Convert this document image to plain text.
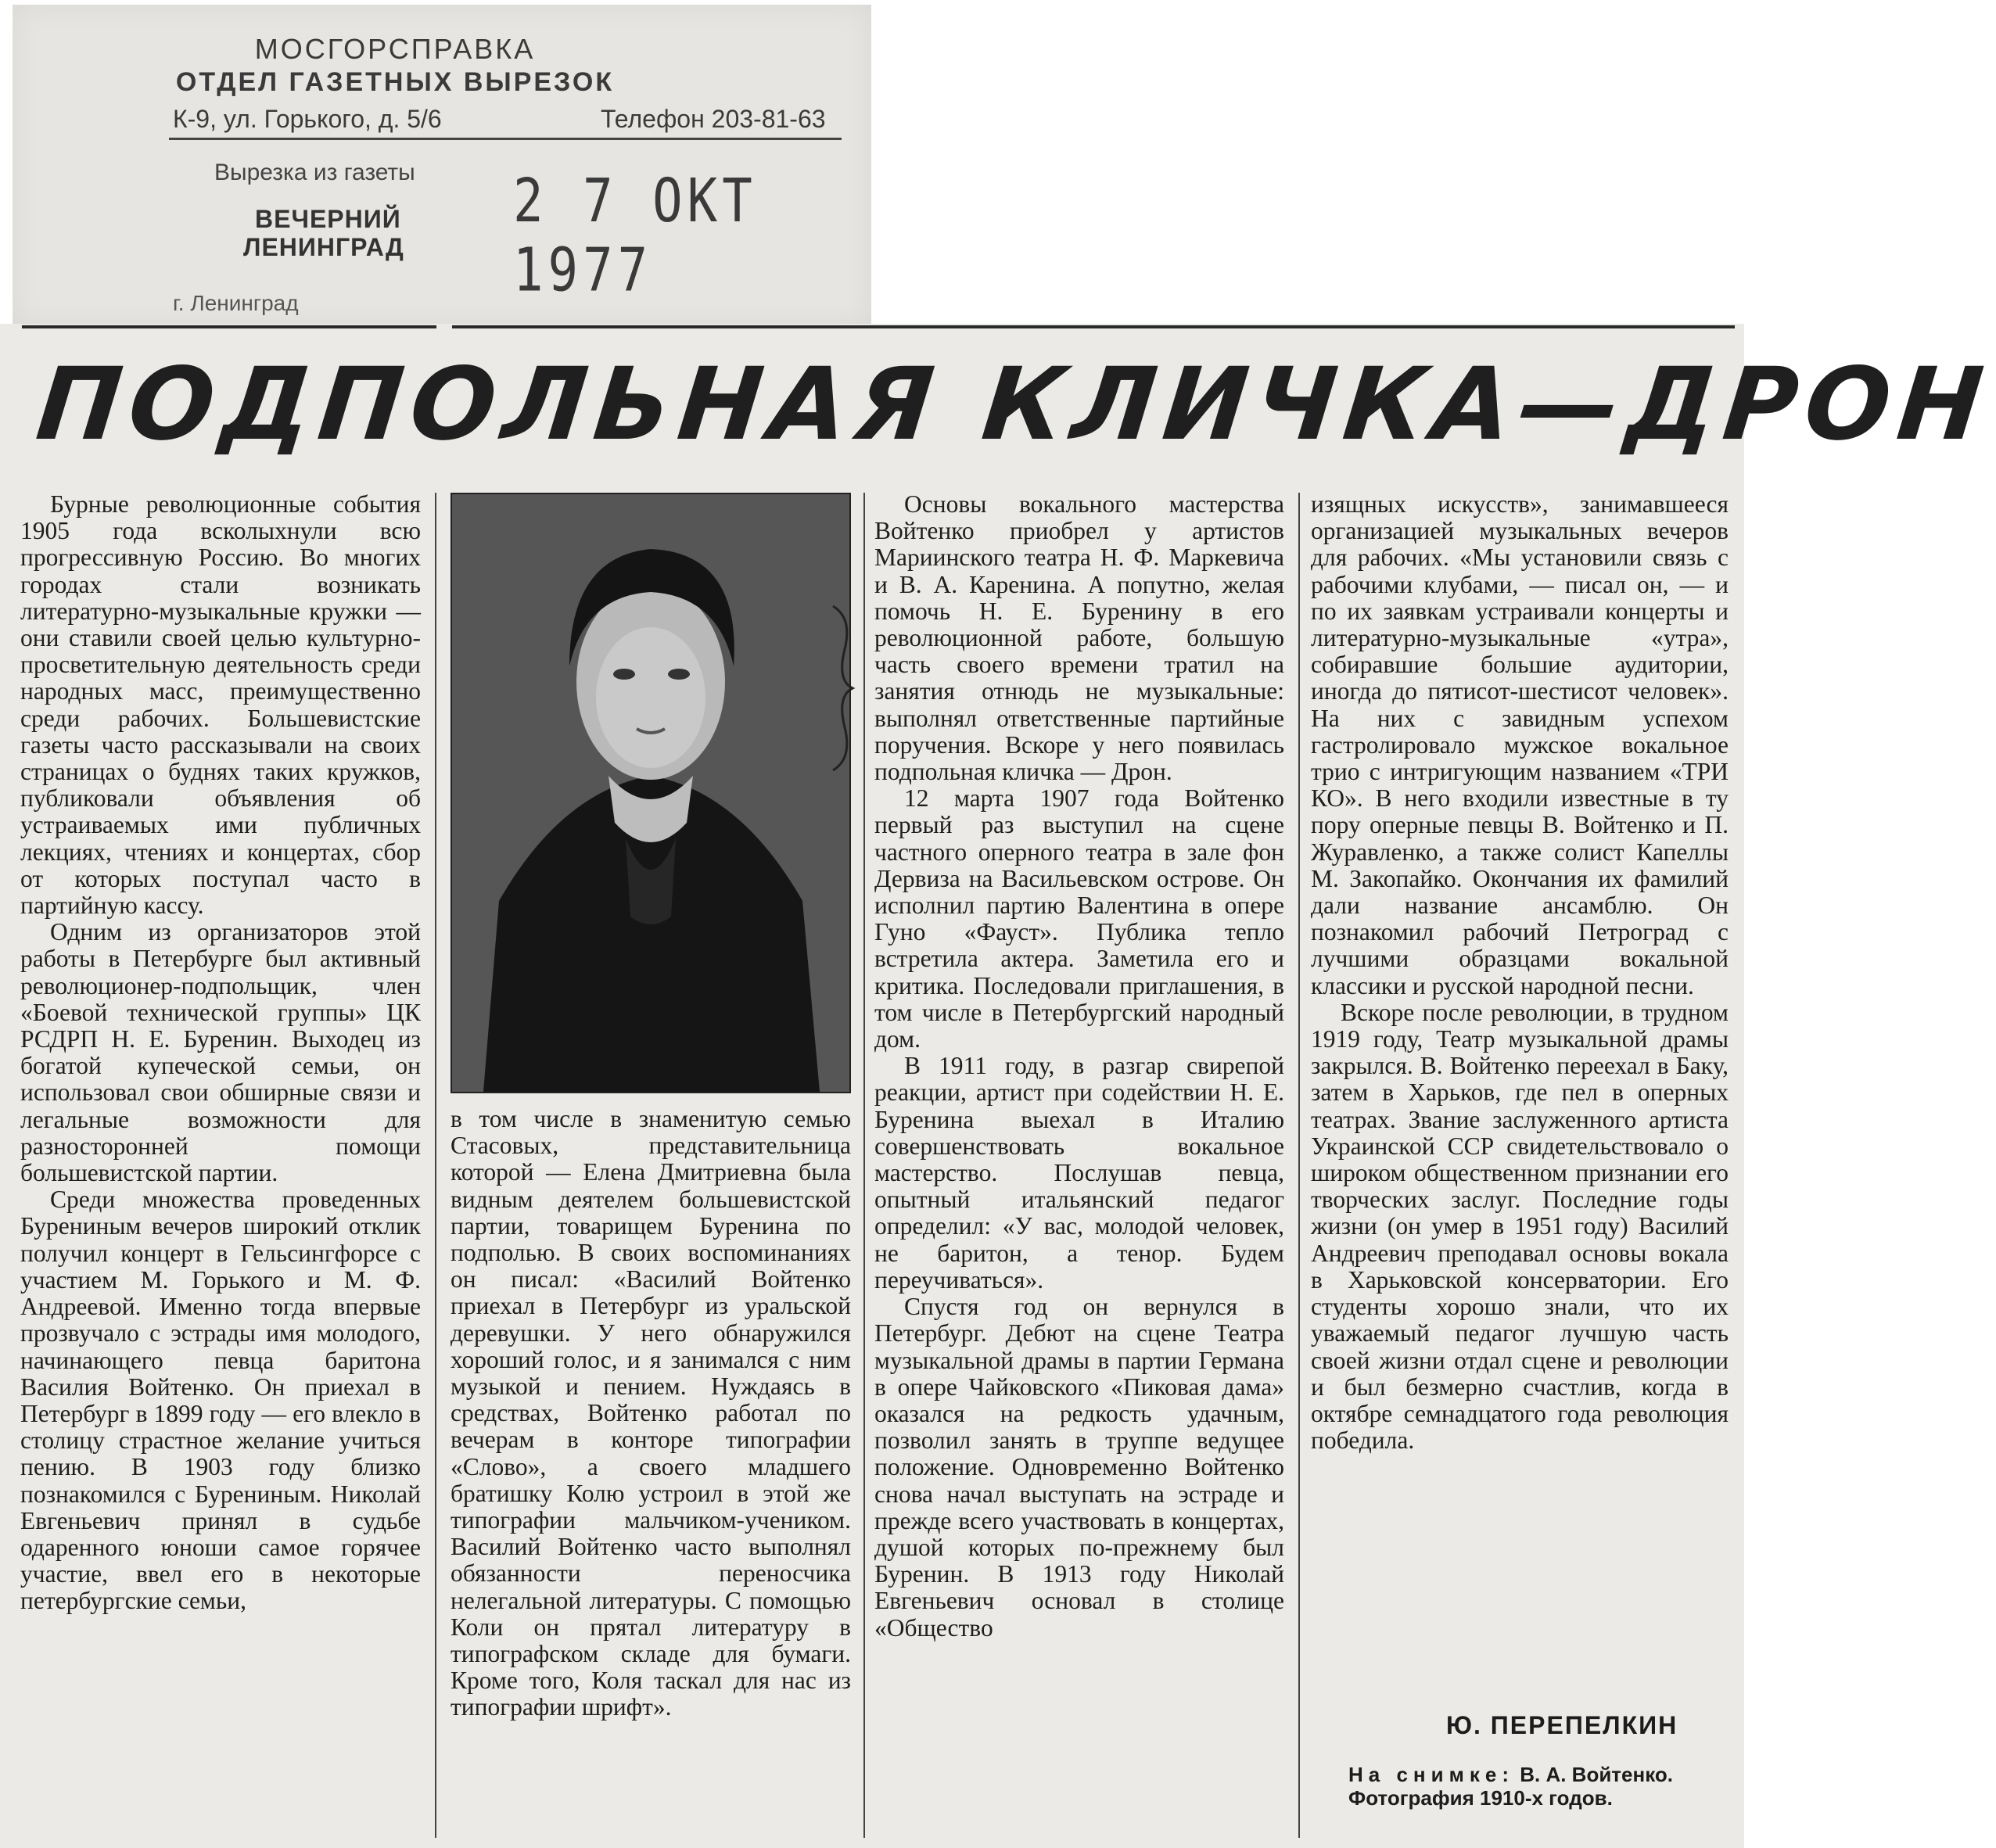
МОСГОРСПРАВКА
ОТДЕЛ ГАЗЕТНЫХ ВЫРЕЗОК
К-9, ул. Горького, д. 5/6	Телефон 203-81-63
Вырезка из газеты
ВЕЧЕРНИЙ
ЛЕНИНГРАД
2 7 ОКТ 1977
г. Ленинград
ПОДПОЛЬНАЯ КЛИЧКА—ДРОН

Бурные революционные события 1905 года всколыхнули всю прогрессивную Россию. Во многих городах стали возникать литературно-музыкальные кружки — они ставили своей целью культурно-просветительную деятельность среди народных масс, преимущественно среди рабочих. Большевистские газеты часто рассказывали на своих страницах о буднях таких кружков, публиковали объявления об устраиваемых ими публичных лекциях, чтениях и концертах, сбор от которых поступал часто в партийную кассу.

Одним из организаторов этой работы в Петербурге был активный революционер-подпольщик, член «Боевой технической группы» ЦК РСДРП Н. Е. Буренин. Выходец из богатой купеческой семьи, он использовал свои обширные связи и легальные возможности для разносторонней помощи большевистской партии.

Среди множества проведенных Бурениным вечеров широкий отклик получил концерт в Гельсингфорсе с участием М. Горького и М. Ф. Андреевой. Именно тогда впервые прозвучало с эстрады имя молодого, начинающего певца баритона Василия Войтенко. Он приехал в Петербург в 1899 году — его влекло в столицу страстное желание учиться пению. В 1903 году близко познакомился с Бурениным. Николай Евгеньевич принял в судьбе одаренного юноши самое горячее участие, ввел его в некоторые петербургские семьи,

в том числе в знаменитую семью Стасовых, представительница которой — Елена Дмитриевна была видным деятелем большевистской партии, товарищем Буренина по подполью. В своих воспоминаниях он писал: «Василий Войтенко приехал в Петербург из уральской деревушки. У него обнаружился хороший голос, и я занимался с ним музыкой и пением. Нуждаясь в средствах, Войтенко работал по вечерам в конторе типографии «Слово», а своего младшего братишку Колю устроил в этой же типографии мальчиком-учеником. Василий Войтенко часто выполнял обязанности переносчика нелегальной литературы. С помощью Коли он прятал литературу в типографском складе для бумаги. Кроме того, Коля таскал для нас из типографии шрифт».

Основы вокального мастерства Войтенко приобрел у артистов Мариинского театра Н. Ф. Маркевича и В. А. Каренина. А попутно, желая помочь Н. Е. Буренину в его революционной работе, большую часть своего времени тратил на занятия отнюдь не музыкальные: выполнял ответственные партийные поручения. Вскоре у него появилась подпольная кличка — Дрон.

12 марта 1907 года Войтенко первый раз выступил на сцене частного оперного театра в зале фон Дервиза на Васильевском острове. Он исполнил партию Валентина в опере Гуно «Фауст». Публика тепло встретила актера. Заметила его и критика. Последовали приглашения, в том числе в Петербургский народный дом.

В 1911 году, в разгар свирепой реакции, артист при содействии Н. Е. Буренина выехал в Италию совершенствовать вокальное мастерство. Послушав певца, опытный итальянский педагог определил: «У вас, молодой человек, не баритон, а тенор. Будем переучиваться».

Спустя год он вернулся в Петербург. Дебют на сцене Театра музыкальной драмы в партии Германа в опере Чайковского «Пиковая дама» оказался на редкость удачным, позволил занять в труппе ведущее положение. Одновременно Войтенко снова начал выступать на эстраде и прежде всего участвовать в концертах, душой которых по-прежнему был Буренин. В 1913 году Николай Евгеньевич основал в столице «Общество

изящных искусств», занимавшееся организацией музыкальных вечеров для рабочих. «Мы установили связь с рабочими клубами, — писал он, — и по их заявкам устраивали концерты и литературно-музыкальные «утра», собиравшие большие аудитории, иногда до пятисот-шестисот человек». На них с завидным успехом гастролировало мужское вокальное трио с интригующим названием «ТРИ КО». В него входили известные в ту пору оперные певцы В. Войтенко и П. Журавленко, а также солист Капеллы М. Закопайко. Окончания их фамилий дали название ансамблю. Он познакомил рабочий Петроград с лучшими образцами вокальной классики и русской народной песни.

Вскоре после революции, в трудном 1919 году, Театр музыкальной драмы закрылся. В. Войтенко переехал в Баку, затем в Харьков, где пел в оперных театрах. Звание заслуженного артиста Украинской ССР свидетельствовало о широком общественном признании его творческих заслуг. Последние годы жизни (он умер в 1951 году) Василий Андреевич преподавал основы вокала в Харьковской консерватории. Его студенты хорошо знали, что их уважаемый педагог лучшую часть своей жизни отдал сцене и революции и был безмерно счастлив, когда в октябре семнадцатого года революция победила.

Ю. ПЕРЕПЕЛКИН
На снимке: В. А. Войтенко. Фотография 1910-х годов.
